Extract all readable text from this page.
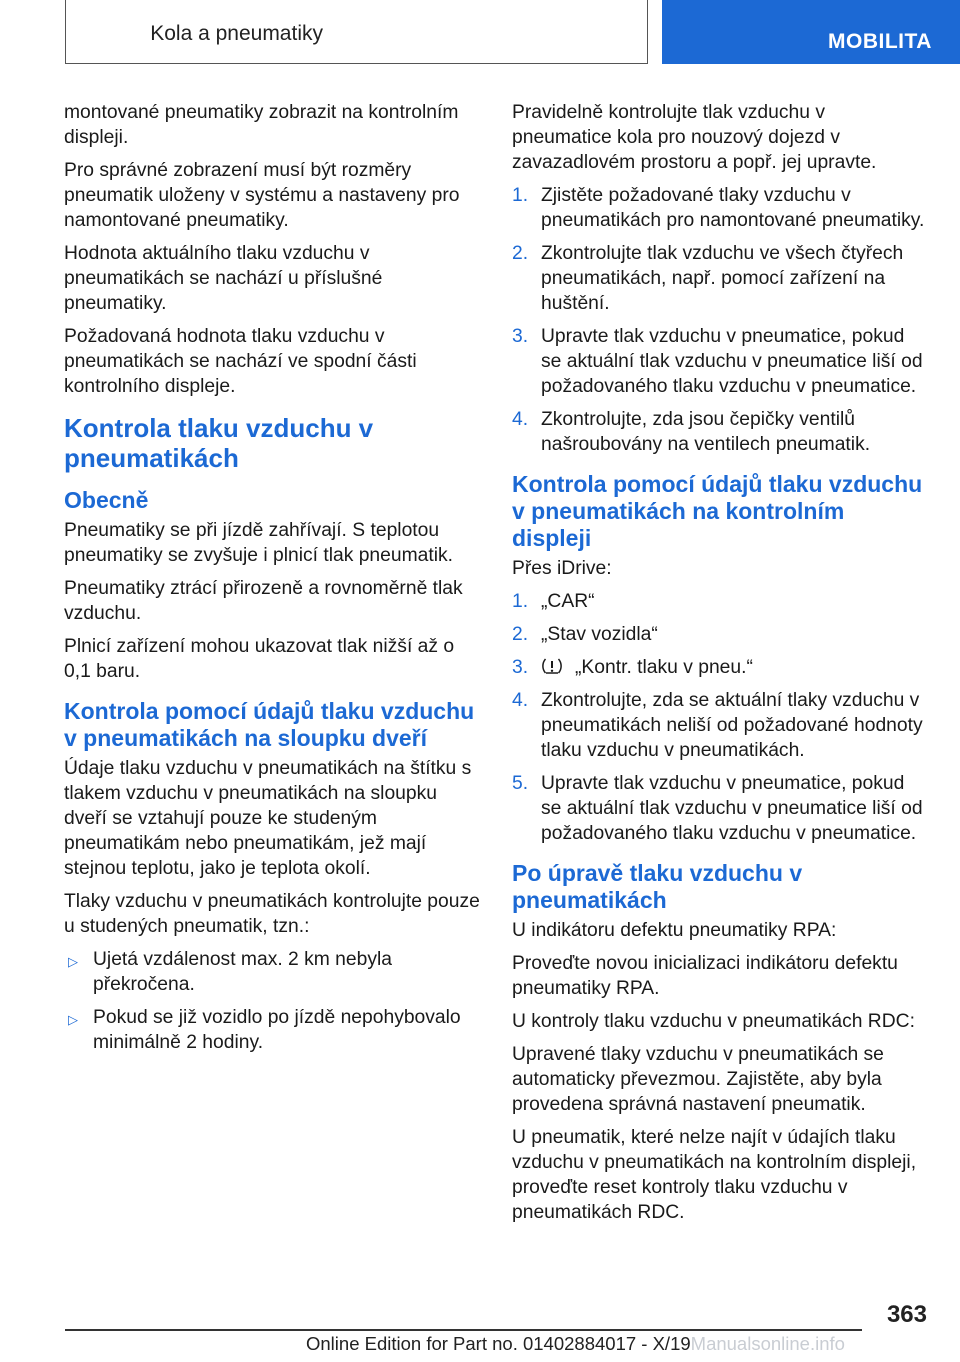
Kola a pneumatiky	MOBILITA

montované pneumatiky zobrazit na kontrolním displeji.

Pro správné zobrazení musí být rozměry pneumatik uloženy v systému a nastaveny pro namontované pneumatiky.

Hodnota aktuálního tlaku vzduchu v pneumatikách se nachází u příslušné pneumatiky.

Požadovaná hodnota tlaku vzduchu v pneumatikách se nachází ve spodní části kontrolního displeje.

Kontrola tlaku vzduchu v pneumatikách
Obecně

Pneumatiky se při jízdě zahřívají. S teplotou pneumatiky se zvyšuje i plnicí tlak pneumatik.

Pneumatiky ztrácí přirozeně a rovnoměrně tlak vzduchu.

Plnicí zařízení mohou ukazovat tlak nižší až o 0,1 baru.

Kontrola pomocí údajů tlaku vzduchu v pneumatikách na sloupku dveří

Údaje tlaku vzduchu v pneumatikách na štítku s tlakem vzduchu v pneumatikách na sloupku dveří se vztahují pouze ke studeným pneumatikám nebo pneumatikám, jež mají stejnou teplotu, jako je teplota okolí.

Tlaky vzduchu v pneumatikách kontrolujte pouze u studených pneumatik, tzn.:

▷ Ujetá vzdálenost max. 2 km nebyla překročena.
▷ Pokud se již vozidlo po jízdě nepohybovalo minimálně 2 hodiny.

Pravidelně kontrolujte tlak vzduchu v pneumatice kola pro nouzový dojezd v zavazadlovém prostoru a popř. jej upravte.

1. Zjistěte požadované tlaky vzduchu v pneumatikách pro namontované pneumatiky.
2. Zkontrolujte tlak vzduchu ve všech čtyřech pneumatikách, např. pomocí zařízení na huštění.
3. Upravte tlak vzduchu v pneumatice, pokud se aktuální tlak vzduchu v pneumatice liší od požadovaného tlaku vzduchu v pneumatice.
4. Zkontrolujte, zda jsou čepičky ventilů našroubovány na ventilech pneumatik.
Kontrola pomocí údajů tlaku vzduchu v pneumatikách na kontrolním displeji

Přes iDrive:

1. „CAR“
2. „Stav vozidla“
3. „Kontr. tlaku v pneu.“
4. Zkontrolujte, zda se aktuální tlaky vzduchu v pneumatikách neliší od požadované hodnoty tlaku vzduchu v pneumatikách.
5. Upravte tlak vzduchu v pneumatice, pokud se aktuální tlak vzduchu v pneumatice liší od požadovaného tlaku vzduchu v pneumatice.
Po úpravě tlaku vzduchu v pneumatikách

U indikátoru defektu pneumatiky RPA:

Proveďte novou inicializaci indikátoru defektu pneumatiky RPA.

U kontroly tlaku vzduchu v pneumatikách RDC:

Upravené tlaky vzduchu v pneumatikách se automaticky převezmou. Zajistěte, aby byla provedena správná nastavení pneumatik.

U pneumatik, které nelze najít v údajích tlaku vzduchu v pneumatikách na kontrolním displeji, proveďte reset kontroly tlaku vzduchu v pneumatikách RDC.

363
Online Edition for Part no. 01402884017 - X/19Manualsonline.info
